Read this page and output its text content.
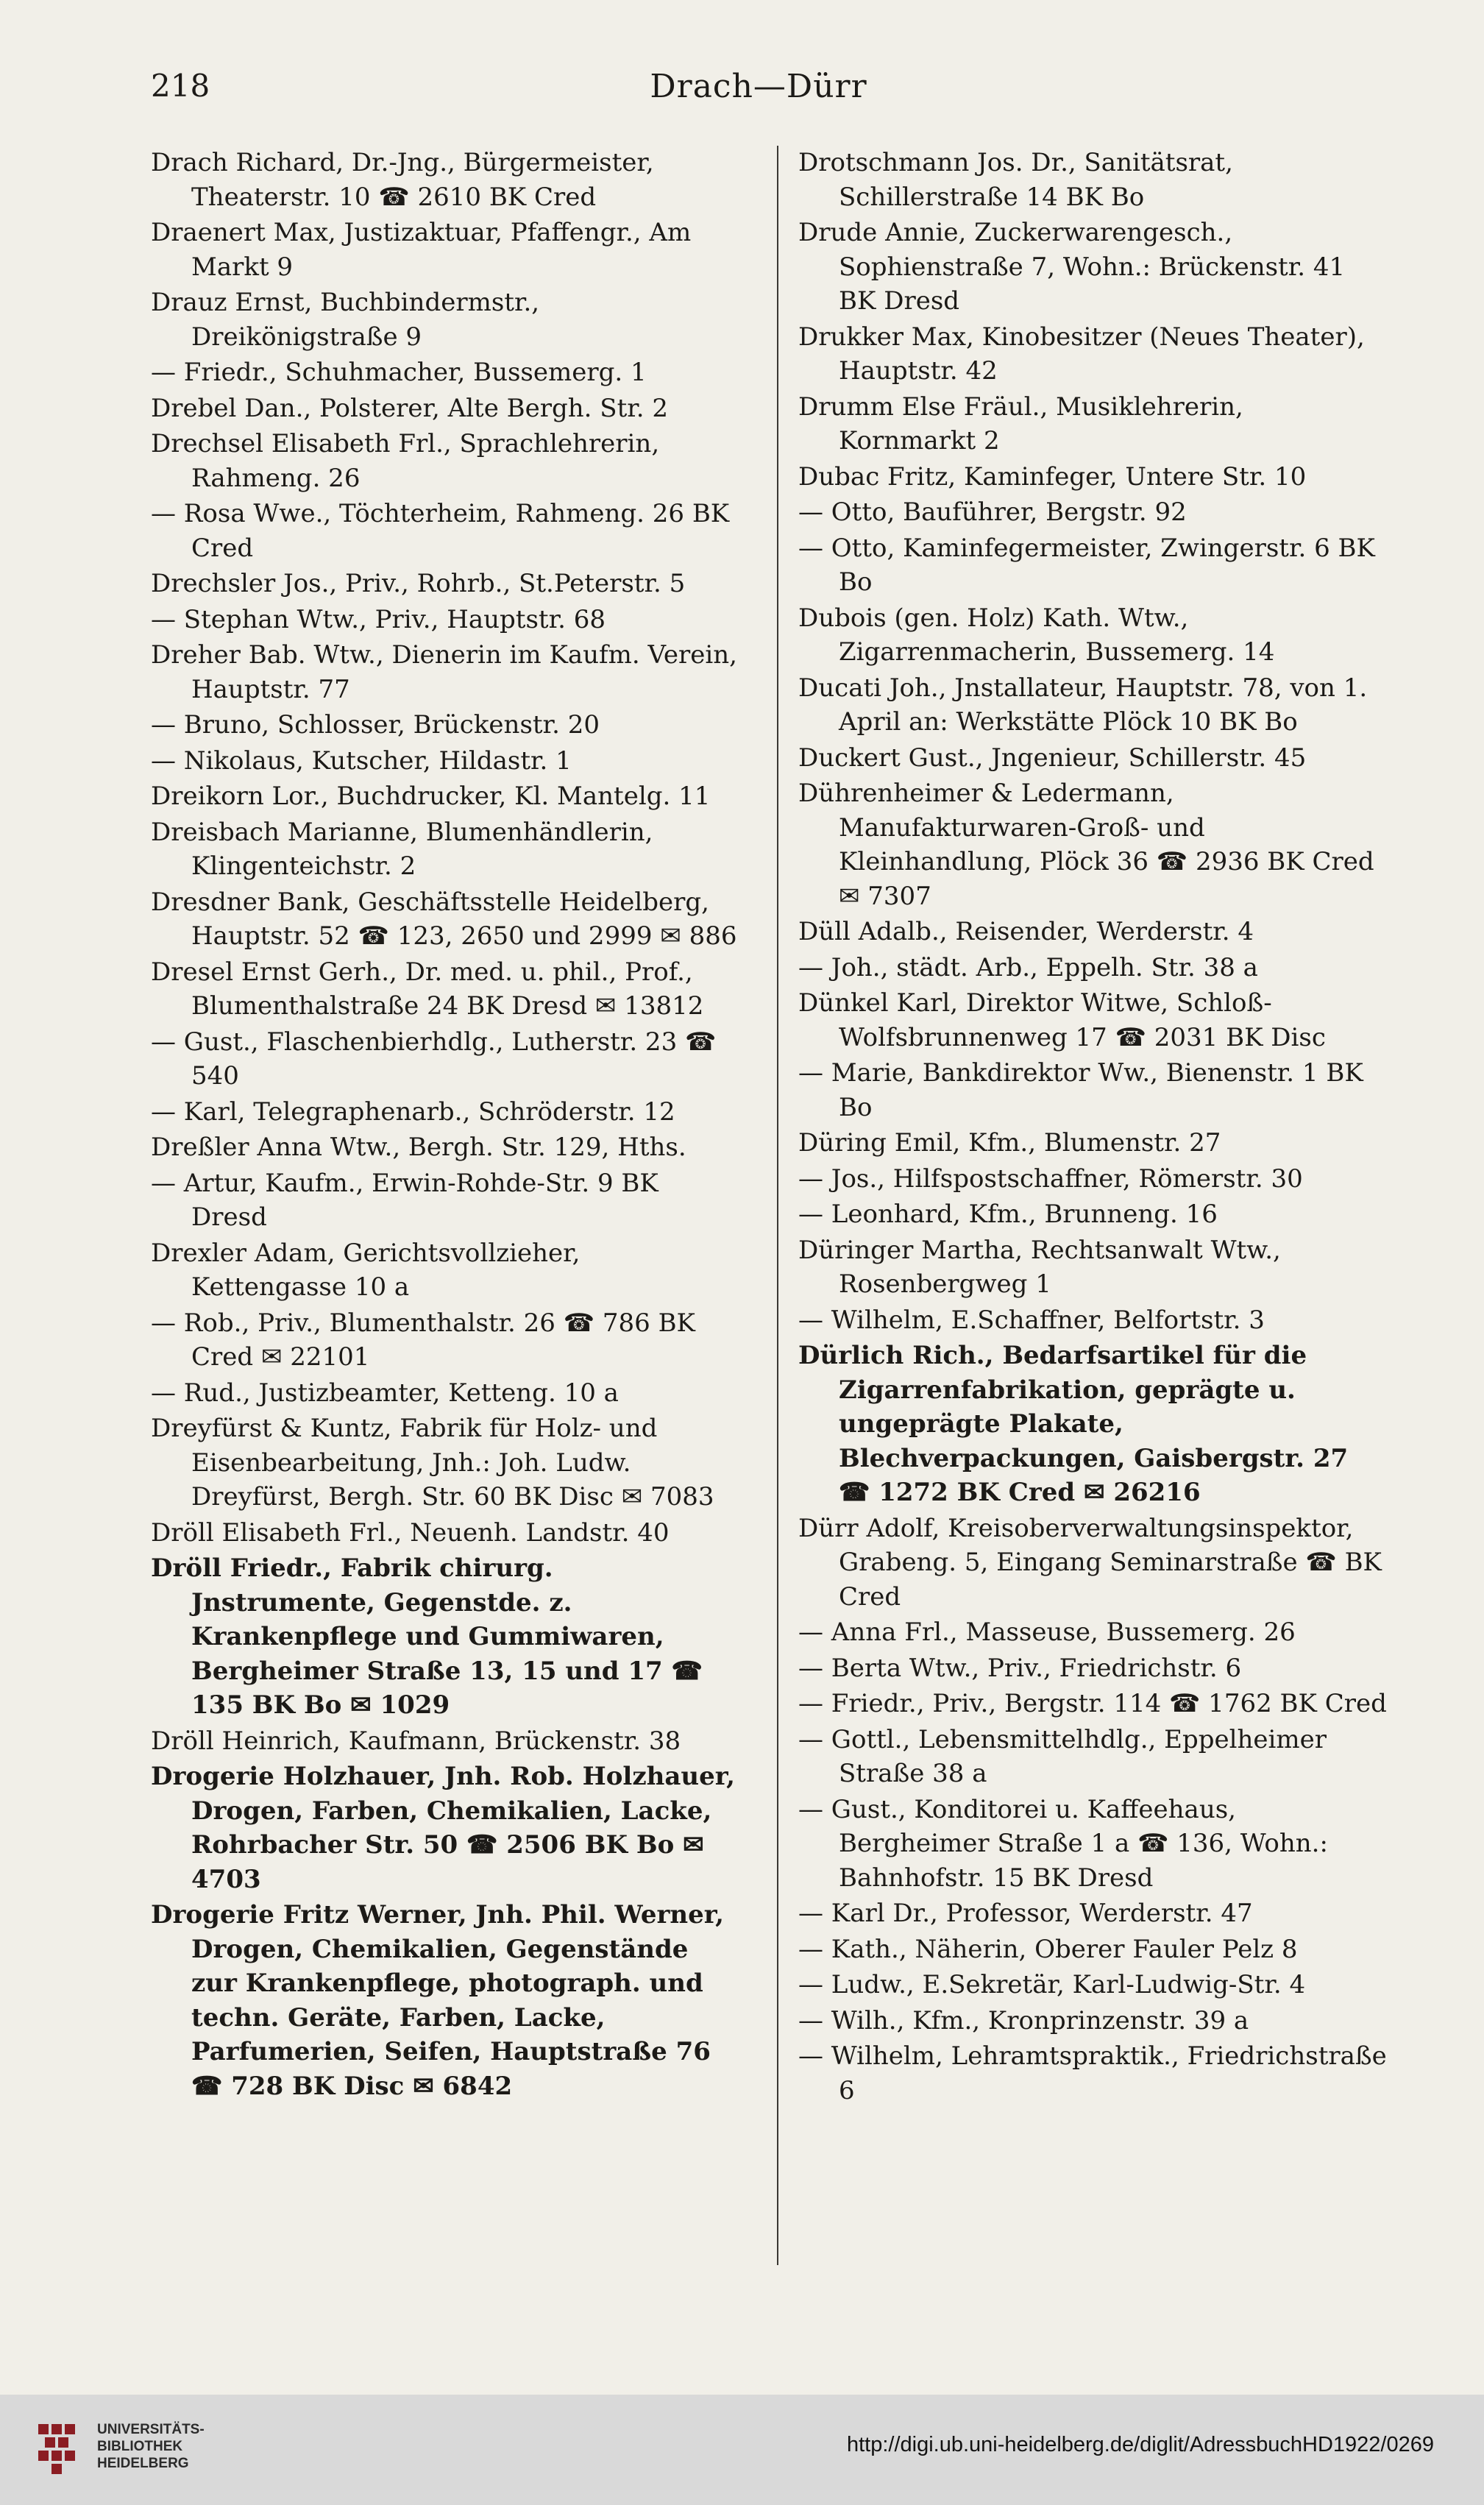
218	Drach—Dürr

Drach Richard, Dr.-Jng., Bürgermeister, Theaterstr. 10 ☎ 2610 BK Cred

Draenert Max, Justizaktuar, Pfaffengr., Am Markt 9

Drauz Ernst, Buchbindermstr., Dreikönigstraße 9

— Friedr., Schuhmacher, Bussemerg. 1

Drebel Dan., Polsterer, Alte Bergh. Str. 2

Drechsel Elisabeth Frl., Sprachlehrerin, Rahmeng. 26

— Rosa Wwe., Töchterheim, Rahmeng. 26 BK Cred

Drechsler Jos., Priv., Rohrb., St.Peterstr. 5

— Stephan Wtw., Priv., Hauptstr. 68

Dreher Bab. Wtw., Dienerin im Kaufm. Verein, Hauptstr. 77

— Bruno, Schlosser, Brückenstr. 20

— Nikolaus, Kutscher, Hildastr. 1

Dreikorn Lor., Buchdrucker, Kl. Mantelg. 11

Dreisbach Marianne, Blumenhändlerin, Klingenteichstr. 2

Dresdner Bank, Geschäftsstelle Heidelberg, Hauptstr. 52 ☎ 123, 2650 und 2999 ✉ 886

Dresel Ernst Gerh., Dr. med. u. phil., Prof., Blumenthalstraße 24 BK Dresd ✉ 13812

— Gust., Flaschenbierhdlg., Lutherstr. 23 ☎ 540

— Karl, Telegraphenarb., Schröderstr. 12

Dreßler Anna Wtw., Bergh. Str. 129, Hths.

— Artur, Kaufm., Erwin-Rohde-Str. 9 BK Dresd

Drexler Adam, Gerichtsvollzieher, Kettengasse 10 a

— Rob., Priv., Blumenthalstr. 26 ☎ 786 BK Cred ✉ 22101

— Rud., Justizbeamter, Ketteng. 10 a

Dreyfürst & Kuntz, Fabrik für Holz- und Eisenbearbeitung, Jnh.: Joh. Ludw. Dreyfürst, Bergh. Str. 60 BK Disc ✉ 7083

Dröll Elisabeth Frl., Neuenh. Landstr. 40

Dröll Friedr., Fabrik chirurg. Jnstrumente, Gegenstde. z. Krankenpflege und Gummiwaren, Bergheimer Straße 13, 15 und 17 ☎ 135 BK Bo ✉ 1029

Dröll Heinrich, Kaufmann, Brückenstr. 38

Drogerie Holzhauer, Jnh. Rob. Holzhauer, Drogen, Farben, Chemikalien, Lacke, Rohrbacher Str. 50 ☎ 2506 BK Bo ✉ 4703

Drogerie Fritz Werner, Jnh. Phil. Werner, Drogen, Chemikalien, Gegenstände zur Krankenpflege, photograph. und techn. Geräte, Farben, Lacke, Parfumerien, Seifen, Hauptstraße 76 ☎ 728 BK Disc ✉ 6842

Drotschmann Jos. Dr., Sanitätsrat, Schillerstraße 14 BK Bo

Drude Annie, Zuckerwarengesch., Sophienstraße 7, Wohn.: Brückenstr. 41 BK Dresd

Drukker Max, Kinobesitzer (Neues Theater), Hauptstr. 42

Drumm Else Fräul., Musiklehrerin, Kornmarkt 2

Dubac Fritz, Kaminfeger, Untere Str. 10

— Otto, Bauführer, Bergstr. 92

— Otto, Kaminfegermeister, Zwingerstr. 6 BK Bo

Dubois (gen. Holz) Kath. Wtw., Zigarrenmacherin, Bussemerg. 14

Ducati Joh., Jnstallateur, Hauptstr. 78, von 1. April an: Werkstätte Plöck 10 BK Bo

Duckert Gust., Jngenieur, Schillerstr. 45

Dührenheimer & Ledermann, Manufakturwaren-Groß- und Kleinhandlung, Plöck 36 ☎ 2936 BK Cred ✉ 7307

Düll Adalb., Reisender, Werderstr. 4

— Joh., städt. Arb., Eppelh. Str. 38 a

Dünkel Karl, Direktor Witwe, Schloß-Wolfsbrunnenweg 17 ☎ 2031 BK Disc

— Marie, Bankdirektor Ww., Bienenstr. 1 BK Bo

Düring Emil, Kfm., Blumenstr. 27

— Jos., Hilfspostschaffner, Römerstr. 30

— Leonhard, Kfm., Brunneng. 16

Düringer Martha, Rechtsanwalt Wtw., Rosenbergweg 1

— Wilhelm, E.Schaffner, Belfortstr. 3

Dürlich Rich., Bedarfsartikel für die Zigarrenfabrikation, geprägte u. ungeprägte Plakate, Blechverpackungen, Gaisbergstr. 27 ☎ 1272 BK Cred ✉ 26216

Dürr Adolf, Kreisoberverwaltungsinspektor, Grabeng. 5, Eingang Seminarstraße ☎ BK Cred

— Anna Frl., Masseuse, Bussemerg. 26

— Berta Wtw., Priv., Friedrichstr. 6

— Friedr., Priv., Bergstr. 114 ☎ 1762 BK Cred

— Gottl., Lebensmittelhdlg., Eppelheimer Straße 38 a

— Gust., Konditorei u. Kaffeehaus, Bergheimer Straße 1 a ☎ 136, Wohn.: Bahnhofstr. 15 BK Dresd

— Karl Dr., Professor, Werderstr. 47

— Kath., Näherin, Oberer Fauler Pelz 8

— Ludw., E.Sekretär, Karl-Ludwig-Str. 4

— Wilh., Kfm., Kronprinzenstr. 39 a

— Wilhelm, Lehramtspraktik., Friedrichstraße 6

UNIVERSITÄTS-
BIBLIOTHEK
HEIDELBERG
http://digi.ub.uni-heidelberg.de/diglit/AdressbuchHD1922/0269
